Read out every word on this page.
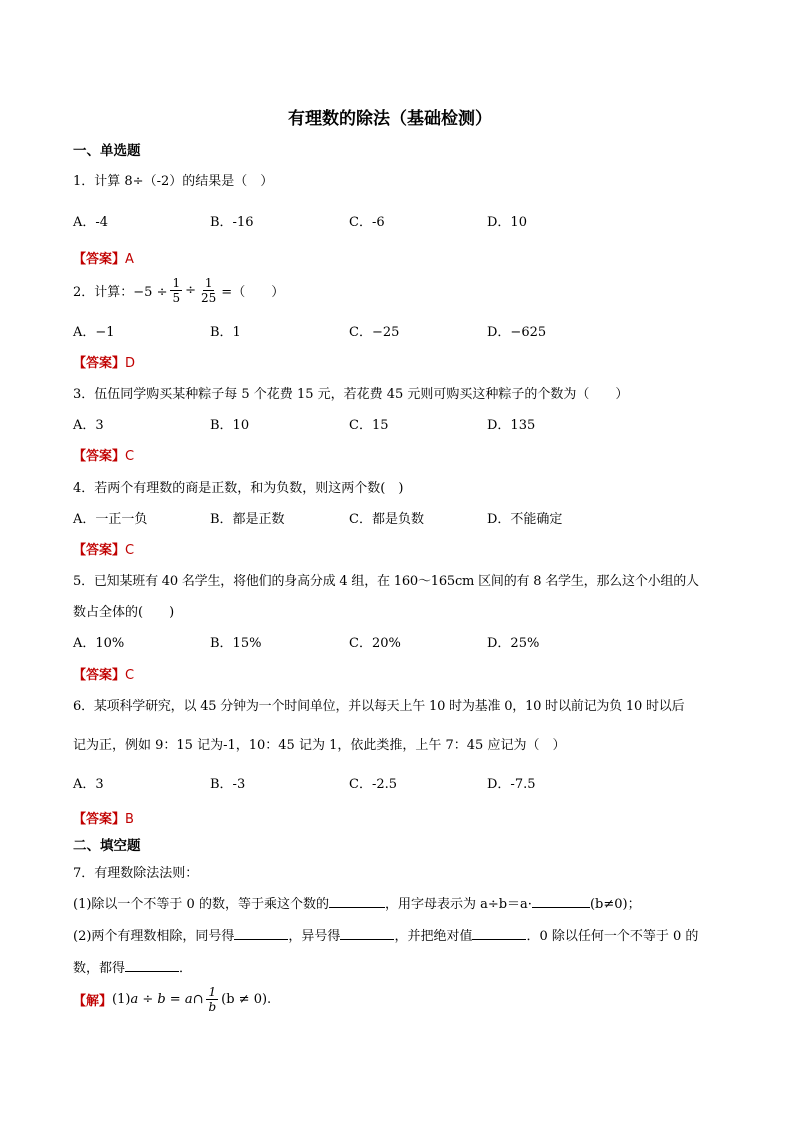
有理数的除法（基础检测）
一、单选题
1．计算 8÷（-2）的结果是（　）
A．-4	B．-16	C．-6	D．10
【答案】A
2．计算：$-5 \div \frac{1}{5} \div \frac{1}{25}$ =（　　）
A．−1	B．1	C．−25	D．−625
【答案】D
3．伍伍同学购买某种粽子每 5 个花费 15 元，若花费 45 元则可购买这种粽子的个数为（　　）
A．3	B．10	C．15	D．135
【答案】C
4．若两个有理数的商是正数，和为负数，则这两个数(　)
A．一正一负	B．都是正数	C．都是负数	D．不能确定
【答案】C
5．已知某班有 40 名学生，将他们的身高分成 4 组，在 160～165cm 区间的有 8 名学生，那么这个小组的人
数占全体的(　　)
A．10%	B．15%	C．20%	D．25%
【答案】C
6．某项科学研究，以 45 分钟为一个时间单位，并以每天上午 10 时为基准 0，10 时以前记为负 10 时以后
记为正，例如 9：15 记为-1，10：45 记为 1，依此类推，上午 7：45 应记为（　）
A．3	B．-3	C．-2.5	D．-7.5
【答案】B
二、填空题
7．有理数除法法则：
(1)除以一个不等于 0 的数，等于乘这个数的	，用字母表示为 a÷b＝a·	(b≠0)；
(2)两个有理数相除，同号得	，异号得	，并把绝对值	．0 除以任何一个不等于 0 的
数，都得	．
【解】 (1) a ÷ b = a∩ $\frac{1}{b} (b \ne 0)$.
